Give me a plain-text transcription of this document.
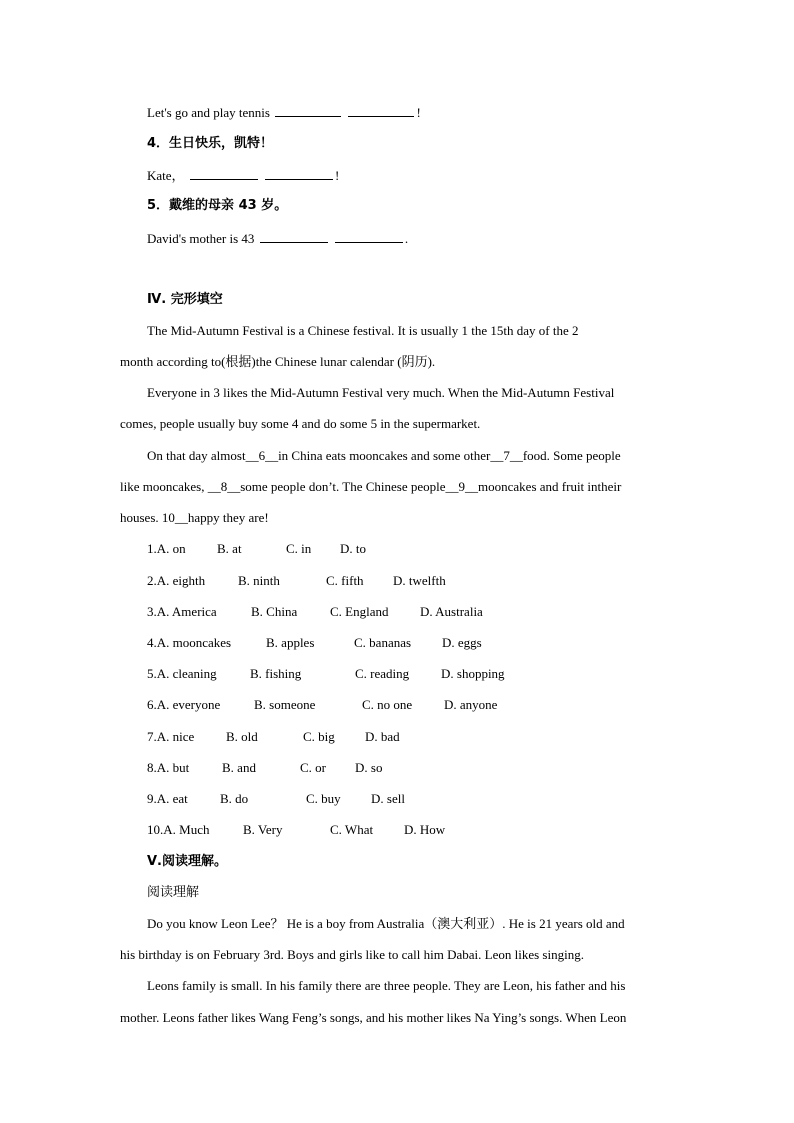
Let's go and play tennis	!
4．生日快乐，凯特！
Kate，	!
5．戴维的母亲 43 岁。
David's mother is 43	.
Ⅳ. 完形填空
The Mid-Autumn Festival is a Chinese festival. It is usually 1 the 15th day of the 2
month according to(根据)the Chinese lunar calendar (阴历).
Everyone in 3 likes the Mid-Autumn Festival very much. When the Mid-Autumn Festival
comes, people usually buy some 4 and do some 5 in the supermarket.
On that day almost__6__in China eats mooncakes and some other__7__food. Some people
like mooncakes, __8__some people don’t. The Chinese people__9__mooncakes and fruit intheir
houses. 10__happy they are!
1.A. on B. at	C. in D. to
2.A. eighth	B. ninth	C. fifth D. twelfth
3.A. America	B. China	C. England D. Australia
4.A. mooncakes	B. apples	C. bananas D. eggs
5.A. cleaning	B. fishing	C. reading D. shopping
6.A. everyone	B. someone	C. no one D. anyone
7.A. nice B. old	C. big D. bad
8.A. but	B. and	C. or D. so
9.A. eat B. do	C. buy D. sell
10.A. Much	B. Very	C. What D. How
Ⅴ.阅读理解。
阅读理解
Do you know Leon Lee？ He is a boy from Australia（澳大利亚）. He is 21 years old and
his birthday is on February 3rd. Boys and girls like to call him Dabai. Leon likes singing.
Leons family is small. In his family there are three people. They are Leon, his father and his
mother. Leons father likes Wang Feng’s songs, and his mother likes Na Ying’s songs. When Leon
